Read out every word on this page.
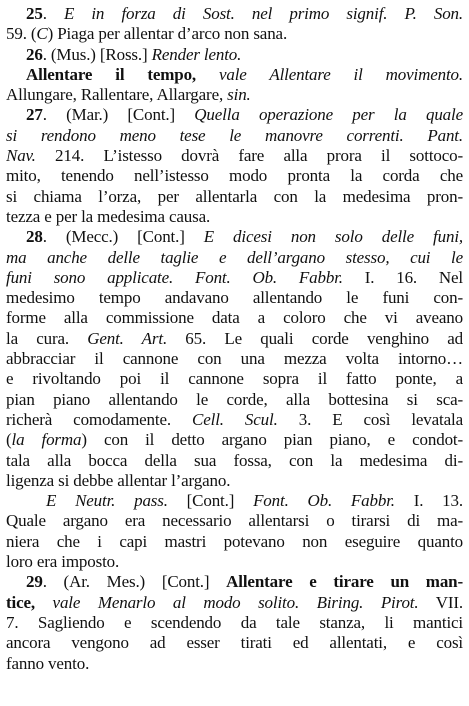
25. E in forza di Sost. nel primo signif. P. Son.
59. (C) Piaga per allentar d’arco non sana.
26. (Mus.) [Ross.] Render lento.
Allentare il tempo, vale Allentare il movimento.
Allungare, Rallentare, Allargare, sin.
27. (Mar.) [Cont.] Quella operazione per la quale
si rendono meno tese le manovre correnti. Pant.
Nav. 214. L’istesso dovrà fare alla prora il sottoco-
mito, tenendo nell’istesso modo pronta la corda che
si chiama l’orza, per allentarla con la medesima pron-
tezza e per la medesima causa.
28. (Mecc.) [Cont.] E dicesi non solo delle funi,
ma anche delle taglie e dell’argano stesso, cui le
funi sono applicate. Font. Ob. Fabbr. I. 16. Nel
medesimo tempo andavano allentando le funi con-
forme alla commissione data a coloro che vi aveano
la cura. Gent. Art. 65. Le quali corde venghino ad
abbracciar il cannone con una mezza volta intorno…
e rivoltando poi il cannone sopra il fatto ponte, a
pian piano allentando le corde, alla bottesina si sca-
richerà comodamente. Cell. Scul. 3. E così levatala
(la forma) con il detto argano pian piano, e condot-
tala alla bocca della sua fossa, con la medesima di-
ligenza si debbe allentar l’argano.
E Neutr. pass. [Cont.] Font. Ob. Fabbr. I. 13.
Quale argano era necessario allentarsi o tirarsi di ma-
niera che i capi mastri potevano non eseguire quanto
loro era imposto.
29. (Ar. Mes.) [Cont.] Allentare e tirare un man-
tice, vale Menarlo al modo solito. Biring. Pirot. VII.
7. Sagliendo e scendendo da tale stanza, li mantici
ancora vengono ad esser tirati ed allentati, e così
fanno vento.
